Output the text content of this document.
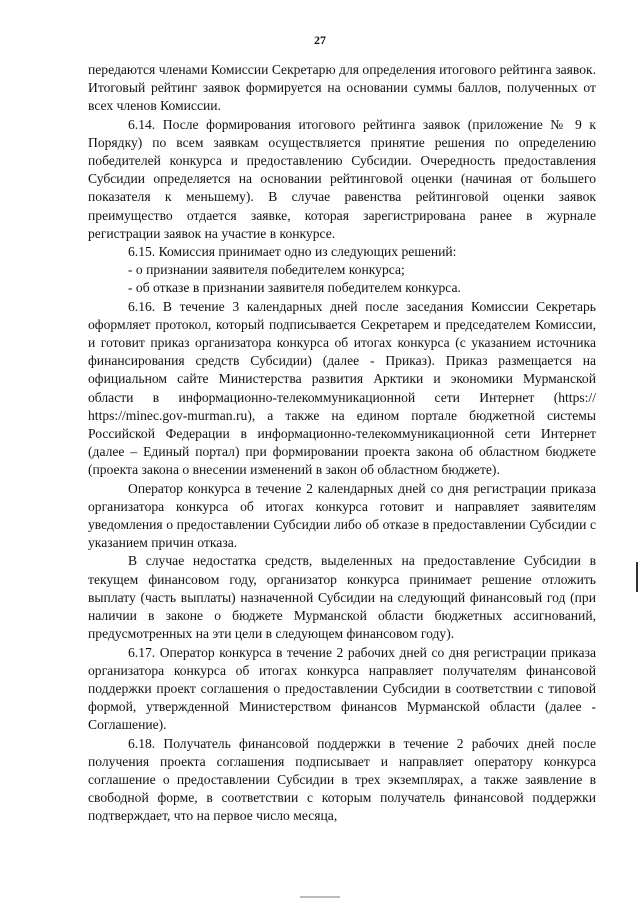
27

передаются членами Комиссии Секретарю для определения итогового рейтинга заявок. Итоговый рейтинг заявок формируется на основании суммы баллов, полученных от всех членов Комиссии.

6.14. После формирования итогового рейтинга заявок (приложение № 9 к Порядку) по всем заявкам осуществляется принятие решения по определению победителей конкурса и предоставлению Субсидии. Очередность предоставления Субсидии определяется на основании рейтинговой оценки (начиная от большего показателя к меньшему). В случае равенства рейтинговой оценки заявок преимущество отдается заявке, которая зарегистрирована ранее в журнале регистрации заявок на участие в конкурсе.

6.15. Комиссия принимает одно из следующих решений:

- о признании заявителя победителем конкурса;

- об отказе в признании заявителя победителем конкурса.

6.16. В течение 3 календарных дней после заседания Комиссии Секретарь оформляет протокол, который подписывается Секретарем и председателем Комиссии, и готовит приказ организатора конкурса об итогах конкурса (с указанием источника финансирования средств Субсидии) (далее - Приказ). Приказ размещается на официальном сайте Министерства развития Арктики и экономики Мурманской области в информационно-телекоммуникационной сети Интернет (https:// https://minec.gov-murman.ru), а также на едином портале бюджетной системы Российской Федерации в информационно-телекоммуникационной сети Интернет (далее – Единый портал) при формировании проекта закона об областном бюджете (проекта закона о внесении изменений в закон об областном бюджете).

Оператор конкурса в течение 2 календарных дней со дня регистрации приказа организатора конкурса об итогах конкурса готовит и направляет заявителям уведомления о предоставлении Субсидии либо об отказе в предоставлении Субсидии с указанием причин отказа.

В случае недостатка средств, выделенных на предоставление Субсидии в текущем финансовом году, организатор конкурса принимает решение отложить выплату (часть выплаты) назначенной Субсидии на следующий финансовый год (при наличии в законе о бюджете Мурманской области бюджетных ассигнований, предусмотренных на эти цели в следующем финансовом году).

6.17. Оператор конкурса в течение 2 рабочих дней со дня регистрации приказа организатора конкурса об итогах конкурса направляет получателям финансовой поддержки проект соглашения о предоставлении Субсидии в соответствии с типовой формой, утвержденной Министерством финансов Мурманской области (далее - Соглашение).

6.18. Получатель финансовой поддержки в течение 2 рабочих дней после получения проекта соглашения подписывает и направляет оператору конкурса соглашение о предоставлении Субсидии в трех экземплярах, а также заявление в свободной форме, в соответствии с которым получатель финансовой поддержки подтверждает, что на первое число месяца,
